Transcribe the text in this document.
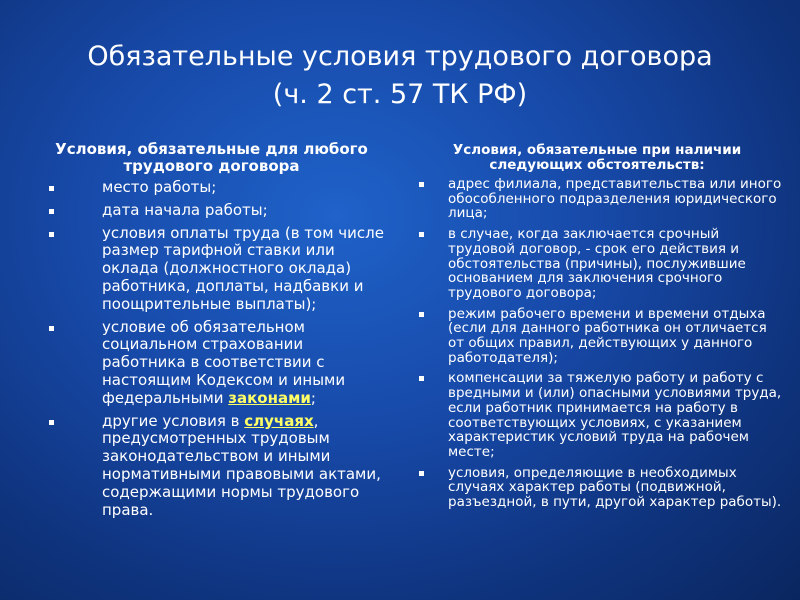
Обязательные условия трудового договора
(ч. 2 ст. 57 ТК РФ)
Условия, обязательные для любого трудового договора
место работы;
дата начала работы;
условия оплаты труда (в том числе размер тарифной ставки или оклада (должностного оклада) работника, доплаты, надбавки и поощрительные выплаты);
условие об обязательном социальном страховании работника в соответствии с настоящим Кодексом и иными федеральными законами;
другие условия в случаях, предусмотренных трудовым законодательством и иными нормативными правовыми актами, содержащими нормы трудового права.
Условия, обязательные при наличии следующих обстоятельств:
адрес филиала, представительства или иного обособленного подразделения юридического лица;
в случае, когда заключается срочный трудовой договор, - срок его действия и обстоятельства (причины), послужившие основанием для заключения срочного трудового договора;
режим рабочего времени и времени отдыха (если для данного работника он отличается от общих правил, действующих у данного работодателя);
компенсации за тяжелую работу и работу с вредными и (или) опасными условиями труда, если работник принимается на работу в соответствующих условиях, с указанием характеристик условий труда на рабочем месте;
условия, определяющие в необходимых случаях характер работы (подвижной, разъездной, в пути, другой характер работы).
